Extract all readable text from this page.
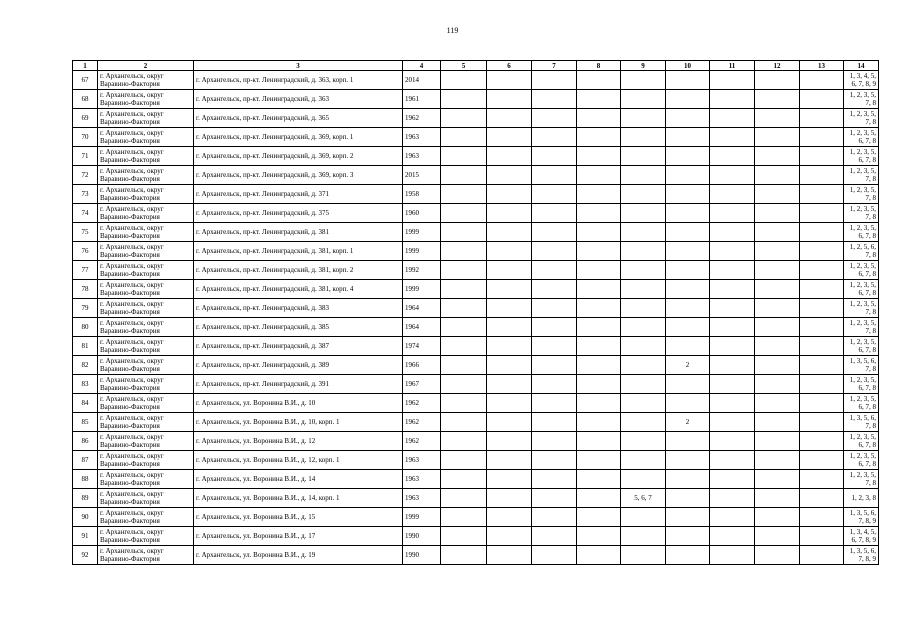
119
1	2	3	4	5	6	7	8	9	10	11	12	13	14
67	г. Архангельск, округ Варавино-Фактория	г. Архангельск, пр-кт. Ленинградский, д. 363, корп. 1	2014										1, 3, 4, 5, 6, 7, 8, 9
68	г. Архангельск, округ Варавино-Фактория	г. Архангельск, пр-кт. Ленинградский, д. 363	1961										1, 2, 3, 5, 7, 8
69	г. Архангельск, округ Варавино-Фактория	г. Архангельск, пр-кт. Ленинградский, д. 365	1962										1, 2, 3, 5, 7, 8
70	г. Архангельск, округ Варавино-Фактория	г. Архангельск, пр-кт. Ленинградский, д. 369, корп. 1	1963										1, 2, 3, 5, 6, 7, 8
71	г. Архангельск, округ Варавино-Фактория	г. Архангельск, пр-кт. Ленинградский, д. 369, корп. 2	1963										1, 2, 3, 5, 6, 7, 8
72	г. Архангельск, округ Варавино-Фактория	г. Архангельск, пр-кт. Ленинградский, д. 369, корп. 3	2015										1, 2, 3, 5, 7, 8
73	г. Архангельск, округ Варавино-Фактория	г. Архангельск, пр-кт. Ленинградский, д. 371	1958										1, 2, 3, 5, 7, 8
74	г. Архангельск, округ Варавино-Фактория	г. Архангельск, пр-кт. Ленинградский, д. 375	1960										1, 2, 3, 5, 7, 8
75	г. Архангельск, округ Варавино-Фактория	г. Архангельск, пр-кт. Ленинградский, д. 381	1999										1, 2, 3, 5, 6, 7, 8
76	г. Архангельск, округ Варавино-Фактория	г. Архангельск, пр-кт. Ленинградский, д. 381, корп. 1	1999										1, 2, 5, 6, 7, 8
77	г. Архангельск, округ Варавино-Фактория	г. Архангельск, пр-кт. Ленинградский, д. 381, корп. 2	1992										1, 2, 3, 5, 6, 7, 8
78	г. Архангельск, округ Варавино-Фактория	г. Архангельск, пр-кт. Ленинградский, д. 381, корп. 4	1999										1, 2, 3, 5, 6, 7, 8
79	г. Архангельск, округ Варавино-Фактория	г. Архангельск, пр-кт. Ленинградский, д. 383	1964										1, 2, 3, 5, 7, 8
80	г. Архангельск, округ Варавино-Фактория	г. Архангельск, пр-кт. Ленинградский, д. 385	1964										1, 2, 3, 5, 7, 8
81	г. Архангельск, округ Варавино-Фактория	г. Архангельск, пр-кт. Ленинградский, д. 387	1974										1, 2, 3, 5, 6, 7, 8
82	г. Архангельск, округ Варавино-Фактория	г. Архангельск, пр-кт. Ленинградский, д. 389	1966						2				1, 3, 5, 6, 7, 8
83	г. Архангельск, округ Варавино-Фактория	г. Архангельск, пр-кт. Ленинградский, д. 391	1967										1, 2, 3, 5, 6, 7, 8
84	г. Архангельск, округ Варавино-Фактория	г. Архангельск, ул. Воронина В.И., д. 10	1962										1, 2, 3, 5, 6, 7, 8
85	г. Архангельск, округ Варавино-Фактория	г. Архангельск, ул. Воронина В.И., д. 10, корп. 1	1962						2				1, 3, 5, 6, 7, 8
86	г. Архангельск, округ Варавино-Фактория	г. Архангельск, ул. Воронина В.И., д. 12	1962										1, 2, 3, 5, 6, 7, 8
87	г. Архангельск, округ Варавино-Фактория	г. Архангельск, ул. Воронина В.И., д. 12, корп. 1	1963										1, 2, 3, 5, 6, 7, 8
88	г. Архангельск, округ Варавино-Фактория	г. Архангельск, ул. Воронина В.И., д. 14	1963										1, 2, 3, 5, 7, 8
89	г. Архангельск, округ Варавино-Фактория	г. Архангельск, ул. Воронина В.И., д. 14, корп. 1	1963					5, 6, 7					1, 2, 3, 8
90	г. Архангельск, округ Варавино-Фактория	г. Архангельск, ул. Воронина В.И., д. 15	1999										1, 3, 5, 6, 7, 8, 9
91	г. Архангельск, округ Варавино-Фактория	г. Архангельск, ул. Воронина В.И., д. 17	1990										1, 3, 4, 5, 6, 7, 8, 9
92	г. Архангельск, округ Варавино-Фактория	г. Архангельск, ул. Воронина В.И., д. 19	1990										1, 3, 5, 6, 7, 8, 9
